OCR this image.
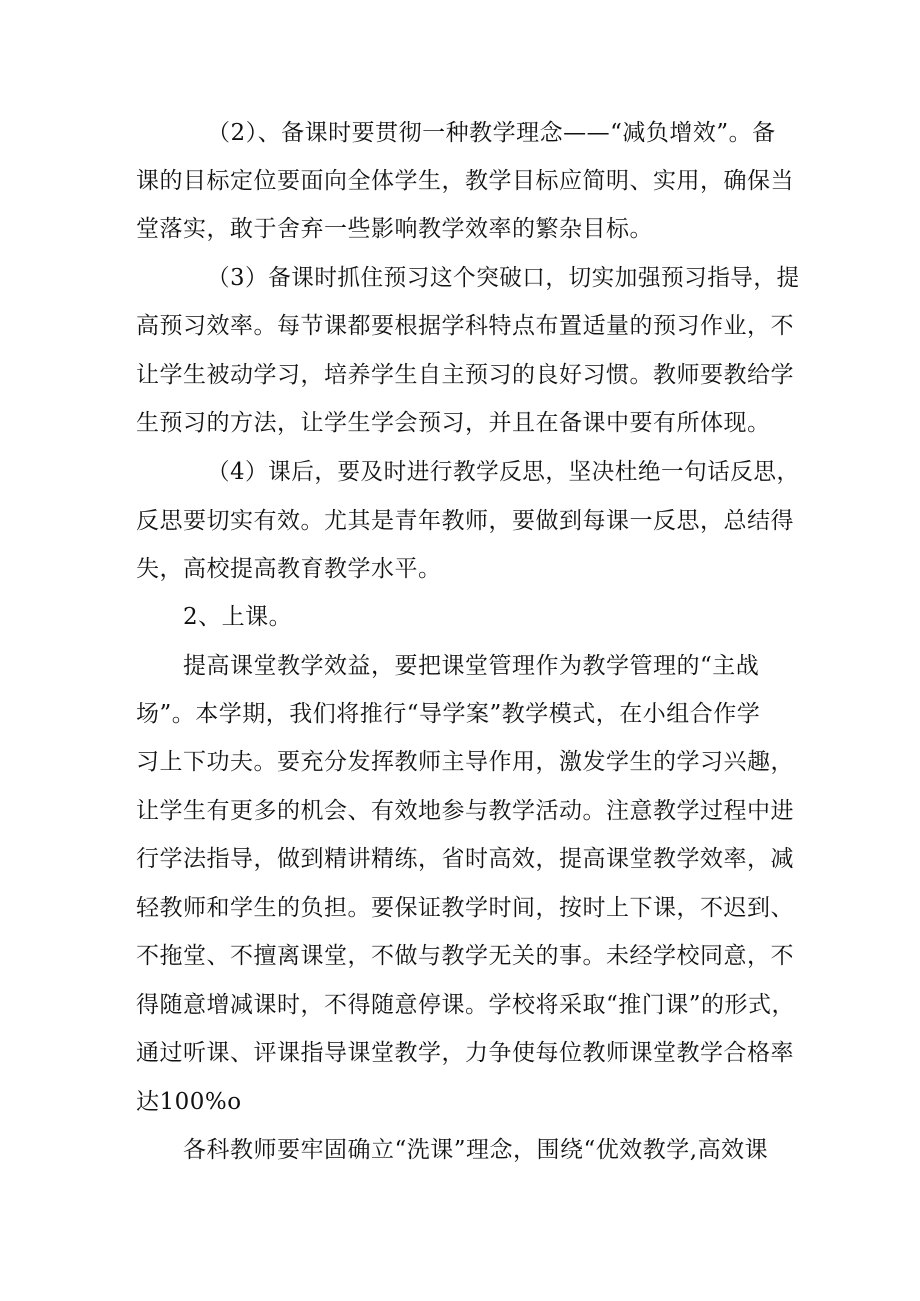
（2）、备课时要贯彻一种教学理念——“减负增效”。备
课的目标定位要面向全体学生，教学目标应简明、实用，确保当
堂落实，敢于舍弃一些影响教学效率的繁杂目标。
（3）备课时抓住预习这个突破口，切实加强预习指导，提
高预习效率。每节课都要根据学科特点布置适量的预习作业，不
让学生被动学习，培养学生自主预习的良好习惯。教师要教给学
生预习的方法，让学生学会预习，并且在备课中要有所体现。
（4）课后，要及时进行教学反思，坚决杜绝一句话反思，
反思要切实有效。尤其是青年教师，要做到每课一反思，总结得
失，高校提高教育教学水平。
2、上课。
提高课堂教学效益，要把课堂管理作为教学管理的“主战
场”。本学期，我们将推行“导学案”教学模式，在小组合作学
习上下功夫。要充分发挥教师主导作用，激发学生的学习兴趣，
让学生有更多的机会、有效地参与教学活动。注意教学过程中进
行学法指导，做到精讲精练，省时高效，提高课堂教学效率，减
轻教师和学生的负担。要保证教学时间，按时上下课，不迟到、
不拖堂、不擅离课堂，不做与教学无关的事。未经学校同意，不
得随意增减课时，不得随意停课。学校将采取“推门课”的形式，
通过听课、评课指导课堂教学，力争使每位教师课堂教学合格率
达100%o
各科教师要牢固确立“洗课”理念，围绕“优效教学,高效课
